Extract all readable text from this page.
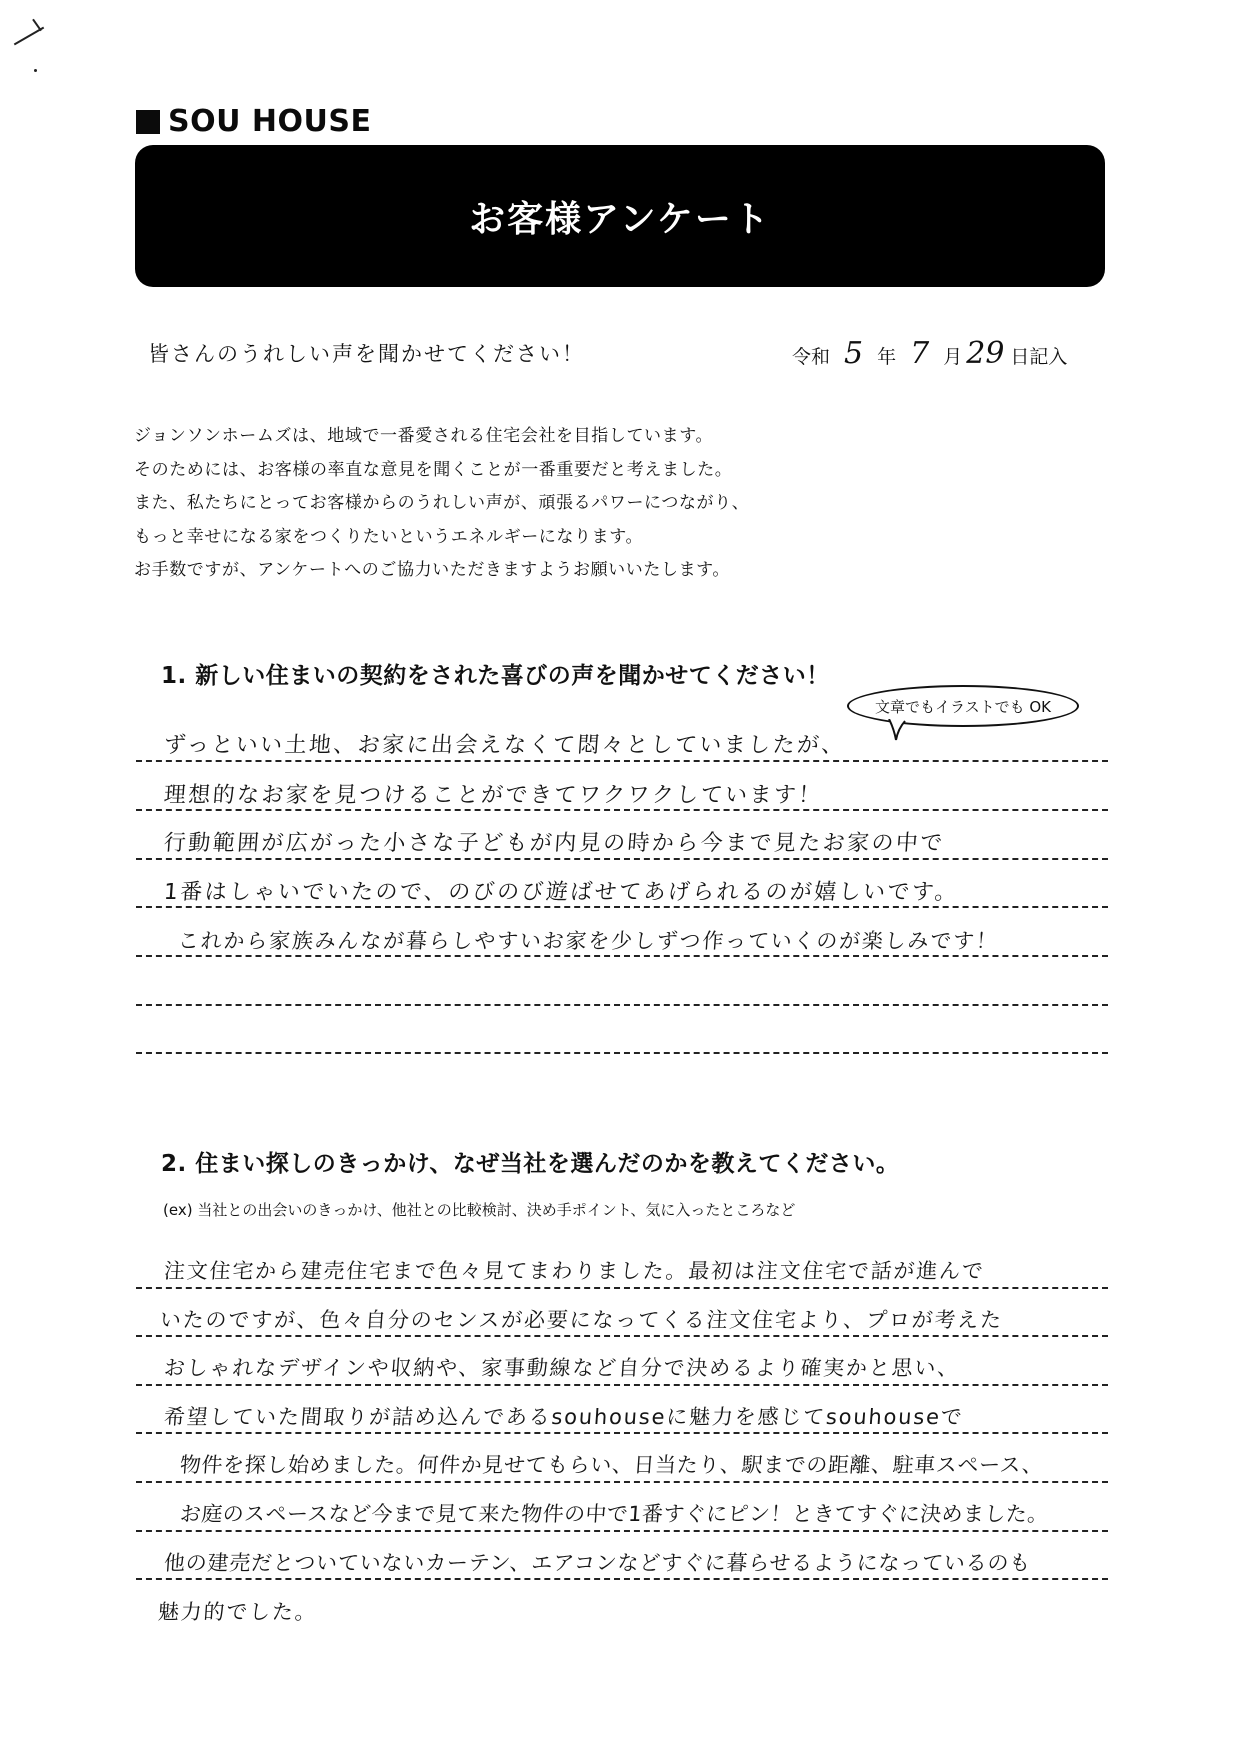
SOU HOUSE
お客様アンケート
皆さんのうれしい声を聞かせてください！	令和 5 年 7 月 29 日記入
ジョンソンホームズは、地域で一番愛される住宅会社を目指しています。
そのためには、お客様の率直な意見を聞くことが一番重要だと考えました。
また、私たちにとってお客様からのうれしい声が、頑張るパワーにつながり、
もっと幸せになる家をつくりたいというエネルギーになります。
お手数ですが、アンケートへのご協力いただきますようお願いいたします。
1. 新しい住まいの契約をされた喜びの声を聞かせてください！
文章でもイラストでも OK
ずっといい土地、お家に出会えなくて悶々としていましたが、
理想的なお家を見つけることができてワクワクしています！
行動範囲が広がった小さな子どもが内見の時から今まで見たお家の中で
1番はしゃいでいたので、のびのび遊ばせてあげられるのが嬉しいです。
これから家族みんなが暮らしやすいお家を少しずつ作っていくのが楽しみです！
2. 住まい探しのきっかけ、なぜ当社を選んだのかを教えてください。
(ex) 当社との出会いのきっかけ、他社との比較検討、決め手ポイント、気に入ったところなど
注文住宅から建売住宅まで色々見てまわりました。最初は注文住宅で話が進んで
いたのですが、色々自分のセンスが必要になってくる注文住宅より、プロが考えた
おしゃれなデザインや収納や、家事動線など自分で決めるより確実かと思い、
希望していた間取りが詰め込んであるsouhouseに魅力を感じてsouhouseで
物件を探し始めました。何件か見せてもらい、日当たり、駅までの距離、駐車スペース、
お庭のスペースなど今まで見て来た物件の中で1番すぐにピン！ときてすぐに決めました。
他の建売だとついていないカーテン、エアコンなどすぐに暮らせるようになっているのも
魅力的でした。
